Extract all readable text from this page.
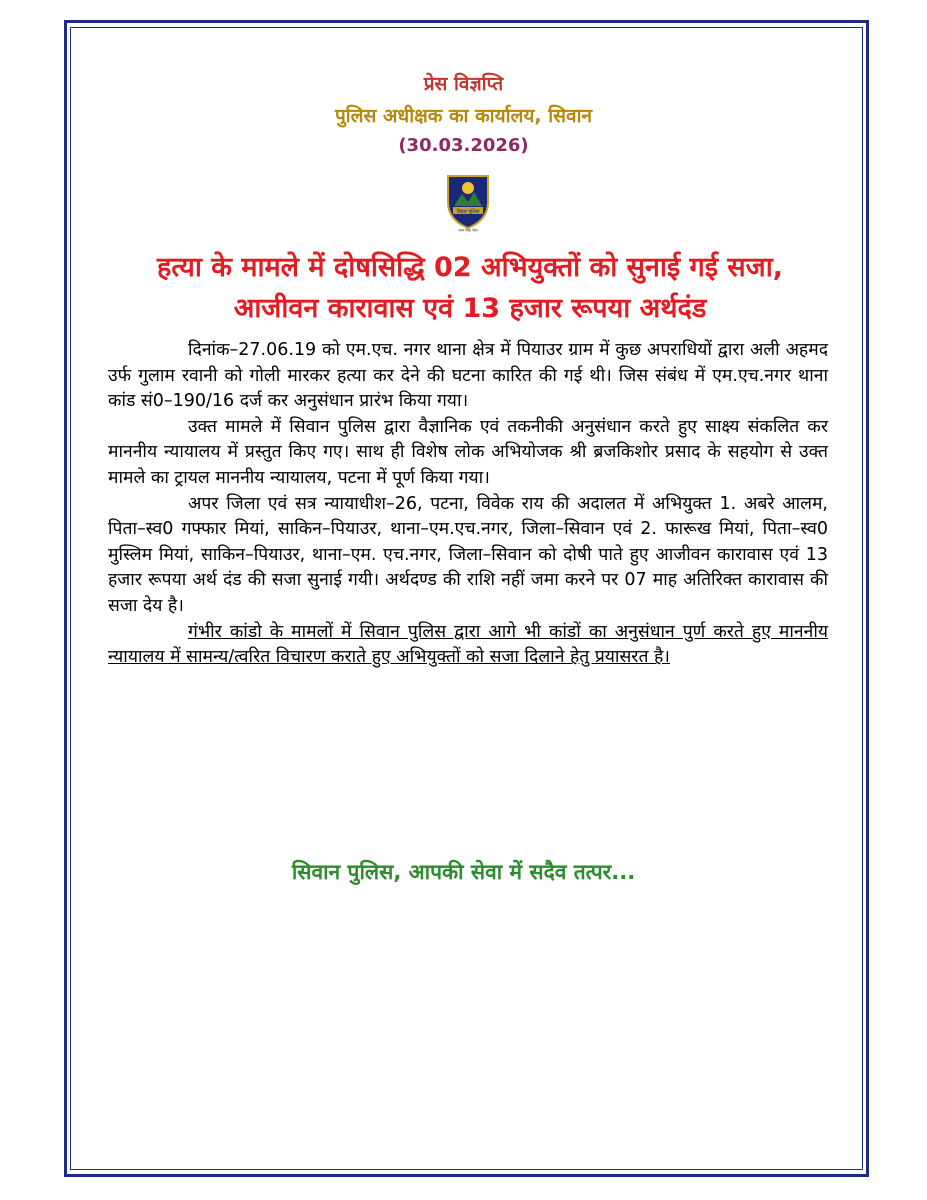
प्रेस विज्ञप्ति
पुलिस अधीक्षक का कार्यालय, सिवान
(30.03.2026)
बिहार पुलिस
सत्य निष्ठा सेवा
हत्या के मामले में दोषसिद्धि 02 अभियुक्तों को सुनाई गई सजा,
आजीवन कारावास एवं 13 हजार रूपया अर्थदंड

दिनांक–27.06.19 को एम.एच. नगर थाना क्षेत्र में पियाउर ग्राम में कुछ अपराधियों द्वारा अली अहमद उर्फ गुलाम रवानी को गोली मारकर हत्या कर देने की घटना कारित की गई थी। जिस संबंध में एम.एच.नगर थाना कांड सं0–190/16 दर्ज कर अनुसंधान प्रारंभ किया गया।

उक्त मामले में सिवान पुलिस द्वारा वैज्ञानिक एवं तकनीकी अनुसंधान करते हुए साक्ष्य संकलित कर माननीय न्यायालय में प्रस्तुत किए गए। साथ ही विशेष लोक अभियोजक श्री ब्रजकिशोर प्रसाद के सहयोग से उक्त मामले का ट्रायल माननीय न्यायालय, पटना में पूर्ण किया गया।

अपर जिला एवं सत्र न्यायाधीश–26, पटना, विवेक राय की अदालत में अभियुक्त 1. अबरे आलम, पिता–स्व0 गफ्फार मियां, साकिन–पियाउर, थाना–एम.एच.नगर, जिला–सिवान एवं 2. फारूख मियां, पिता–स्व0 मुस्लिम मियां, साकिन–पियाउर, थाना–एम. एच.नगर, जिला–सिवान को दोषी पाते हुए आजीवन कारावास एवं 13 हजार रूपया अर्थ दंड की सजा सुनाई गयी। अर्थदण्ड की राशि नहीं जमा करने पर 07 माह अतिरिक्त कारावास की सजा देय है।

गंभीर कांडो के मामलों में सिवान पुलिस द्वारा आगे भी कांडों का अनुसंधान पुर्ण करते हुए माननीय न्यायालय में सामन्य/त्वरित विचारण कराते हुए अभियुक्तों को सजा दिलाने हेतु प्रयासरत है।

सिवान पुलिस, आपकी सेवा में सदैव तत्पर...
